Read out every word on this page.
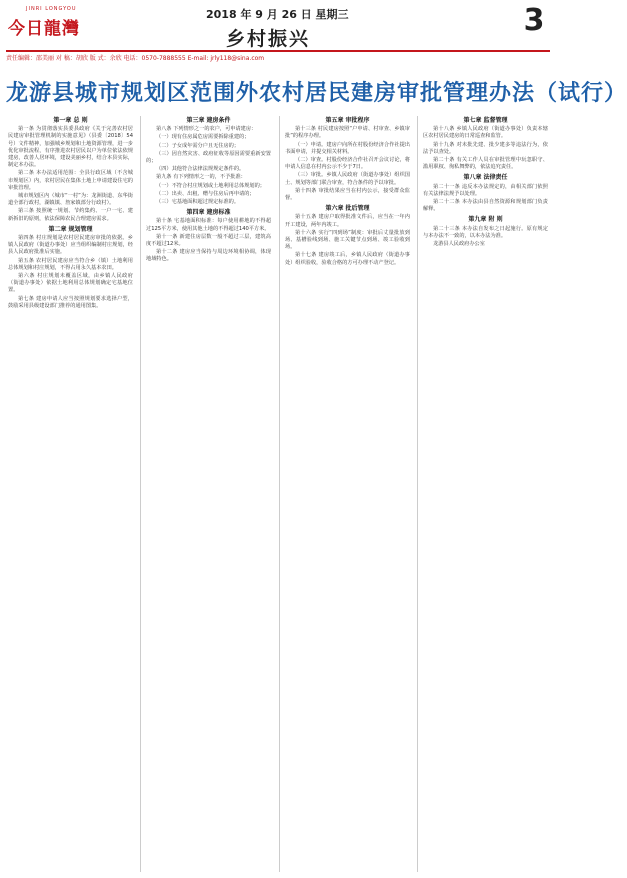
JINRI LONGYOU
今日龍灣
2018 年 9 月 26 日 星期三
乡村振兴
3
责任编辑：邵美丽 对 稿：胡欣 版 式：余欣 电话：0570-7888555 E-mail: jrly118@sina.com
龙游县城市规划区范围外农村居民建房审批管理办法（试行）
第一章 总 则

第一条 为贯彻落实县委县政府《关于完善农村居民建房审批管理机制的实施意见》（县委〔2018〕54号）文件精神，加强城乡规划和土地资源管理，进一步优化审批流程，有序推进农村居民以户为单位依法依规建房，改善人居环境，建设美丽乡村，结合本县实际，制定本办法。

第二条 本办法适用范围：全县行政区域（不含城市规划区）内，农村居民在集体土地上申请建设住宅的审批管理。

城市规划区内（城市“一村”为：龙洲街道、东华街道全部行政村，湖镇镇、詹家镇部分行政村）。

第三条 按照统一规划、节约集约、一户一宅、建新拆旧的原则，依法保障农民合理建房需求。

第二章 规划管理

第四条 村庄规划是农村居民建房审批的依据。乡镇人民政府（街道办事处）应当组织编制村庄规划，经县人民政府批准后实施。

第五条 农村居民建房应当符合乡（镇）土地利用总体规划和村庄规划，不得占用永久基本农田。

第六条 村庄规划未覆盖区域，由乡镇人民政府（街道办事处）依据土地利用总体规划确定宅基地位置。

第七条 建房申请人应当按照规划要求选择户型，鼓励采用县级建设部门推荐的通用图集。

第三章 建房条件

第八条 下列情形之一的农户，可申请建房：

（一）现有住房属危房需要拆除重建的；

（二）子女成年需分户且无住房的；

（三）因自然灾害、政府征收等原因需要重新安置的；

（四）其他符合法律法规规定条件的。

第九条 有下列情形之一的，不予批准：

（一）不符合村庄规划或土地利用总体规划的；

（二）出卖、出租、赠与住房后再申请的；

（三）宅基地面积超过规定标准的。

第四章 建房标准

第十条 宅基地面积标准：每户使用耕地的不得超过125平方米，使用其他土地的不得超过140平方米。

第十一条 新建住房层数一般不超过三层，建筑高度不超过12米。

第十二条 建房应当保持与周边环境相协调，体现地域特色。

第五章 审批程序

第十三条 村民建房按照“户申请、村审查、乡镇审批”的程序办理。

（一）申请。建房户向所在村股份经济合作社提出书面申请，并提交相关材料。

（二）审查。村股份经济合作社召开会议讨论，将申请人信息在村内公示不少于7日。

（三）审批。乡镇人民政府（街道办事处）组织国土、规划等部门联合审查，符合条件的予以审批。

第十四条 审批结果应当在村内公示，接受群众监督。

第六章 批后管理

第十五条 建房户取得批准文件后，应当在一年内开工建设，两年内竣工。

第十六条 实行“四到场”制度：审批后丈量批放到场、基槽验线到场、施工关键节点到场、竣工验收到场。

第十七条 建房竣工后，乡镇人民政府（街道办事处）组织验收，验收合格的方可办理不动产登记。

第七章 监督管理

第十八条 乡镇人民政府（街道办事处）负责本辖区农村居民建房的日常巡查和监管。

第十九条 对未批先建、批少建多等违法行为，依法予以查处。

第二十条 有关工作人员在审批管理中玩忽职守、滥用职权、徇私舞弊的，依法追究责任。

第八章 法律责任

第二十一条 违反本办法规定的，由相关部门依照有关法律法规予以处理。

第二十二条 本办法由县自然资源和规划部门负责解释。

第九章 附 则

第二十三条 本办法自发布之日起施行。原有规定与本办法不一致的，以本办法为准。

龙游县人民政府办公室
